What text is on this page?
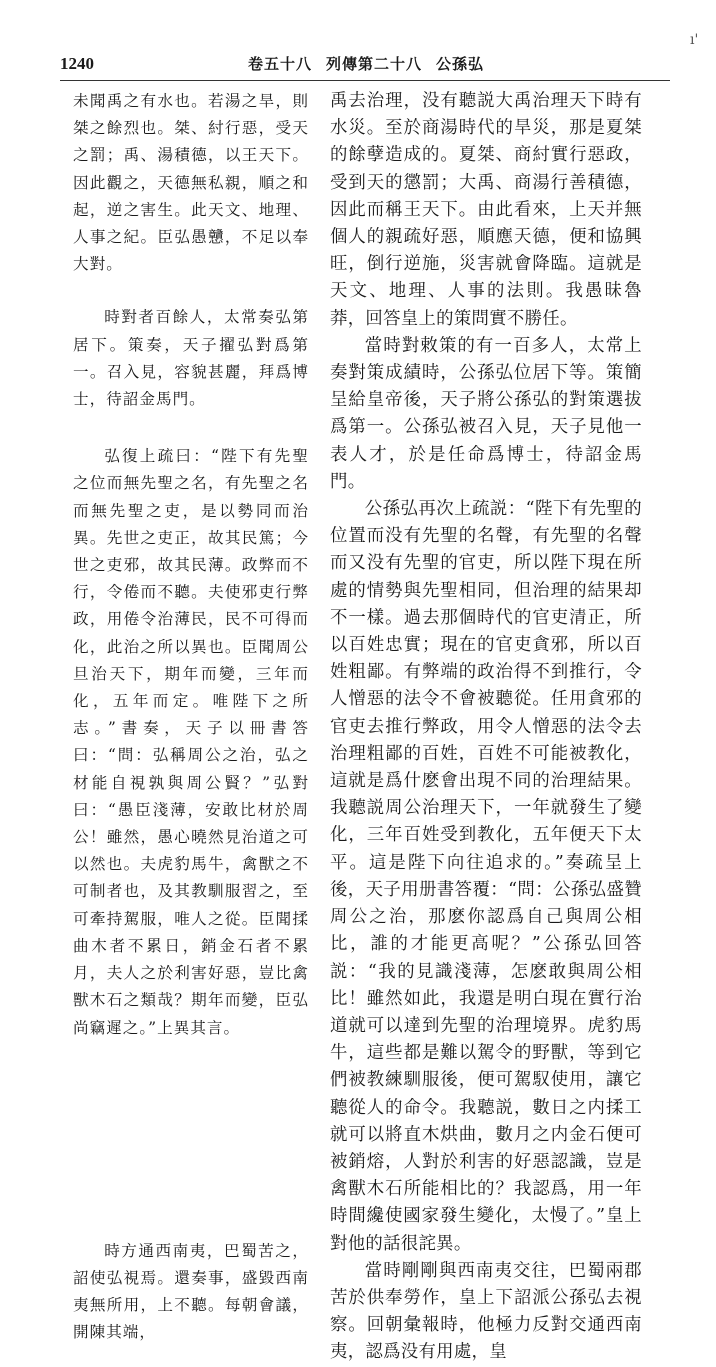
1240	卷五十八 列傳第二十八 公孫弘
ı'

未聞禹之有水也。若湯之旱，則桀之餘烈也。桀、紂行惡，受天之罰；禹、湯積德，以王天下。因此觀之，天德無私親，順之和起，逆之害生。此天文、地理、人事之紀。臣弘愚戇，不足以奉大對。

時對者百餘人，太常奏弘第居下。策奏，天子擢弘對爲第一。召入見，容貌甚麗，拜爲博士，待詔金馬門。

弘復上疏曰：“陛下有先聖之位而無先聖之名，有先聖之名而無先聖之吏，是以勢同而治異。先世之吏正，故其民篤；今世之吏邪，故其民薄。政弊而不行，令倦而不聽。夫使邪吏行弊政，用倦令治薄民，民不可得而化，此治之所以異也。臣聞周公旦治天下，期年而變，三年而化，五年而定。唯陛下之所志。”書奏，天子以冊書答曰：“問：弘稱周公之治，弘之材能自視孰與周公賢？”弘對曰：“愚臣淺薄，安敢比材於周公！雖然，愚心曉然見治道之可以然也。夫虎豹馬牛，禽獸之不可制者也，及其教馴服習之，至可牽持駕服，唯人之從。臣聞揉曲木者不累日，銷金石者不累月，夫人之於利害好惡，豈比禽獸木石之類哉？期年而變，臣弘尚竊遲之。”上異其言。

時方通西南夷，巴蜀苦之，詔使弘視焉。還奏事，盛毀西南夷無所用，上不聽。每朝會議，開陳其端，

禹去治理，没有聽説大禹治理天下時有水災。至於商湯時代的旱災，那是夏桀的餘孽造成的。夏桀、商紂實行惡政，受到天的懲罰；大禹、商湯行善積德，因此而稱王天下。由此看來，上天并無個人的親疏好惡，順應天德，便和協興旺，倒行逆施，災害就會降臨。這就是天文、地理、人事的法則。我愚昧魯莽，回答皇上的策問實不勝任。

當時對敕策的有一百多人，太常上奏對策成績時，公孫弘位居下等。策簡呈給皇帝後，天子將公孫弘的對策選拔爲第一。公孫弘被召入見，天子見他一表人才，於是任命爲博士，待詔金馬門。

公孫弘再次上疏説：“陛下有先聖的位置而没有先聖的名聲，有先聖的名聲而又没有先聖的官吏，所以陛下現在所處的情勢與先聖相同，但治理的結果却不一樣。過去那個時代的官吏清正，所以百姓忠實；現在的官吏貪邪，所以百姓粗鄙。有弊端的政治得不到推行，令人憎惡的法令不會被聽從。任用貪邪的官吏去推行弊政，用令人憎惡的法令去治理粗鄙的百姓，百姓不可能被教化，這就是爲什麽會出現不同的治理結果。我聽説周公治理天下，一年就發生了變化，三年百姓受到教化，五年便天下太平。這是陛下向往追求的。”奏疏呈上後，天子用册書答覆：“問：公孫弘盛贊周公之治，那麽你認爲自己與周公相比，誰的才能更高呢？”公孫弘回答説：“我的見識淺薄，怎麽敢與周公相比！雖然如此，我還是明白現在實行治道就可以達到先聖的治理境界。虎豹馬牛，這些都是難以駕令的野獸，等到它們被教練馴服後，便可駕馭使用，讓它聽從人的命令。我聽説，數日之内揉工就可以將直木烘曲，數月之内金石便可被銷熔，人對於利害的好惡認識，豈是禽獸木石所能相比的？我認爲，用一年時間纔使國家發生變化，太慢了。”皇上對他的話很詫異。

當時剛剛與西南夷交往，巴蜀兩郡苦於供奉勞作，皇上下詔派公孫弘去視察。回朝彙報時，他極力反對交通西南夷，認爲没有用處，皇
